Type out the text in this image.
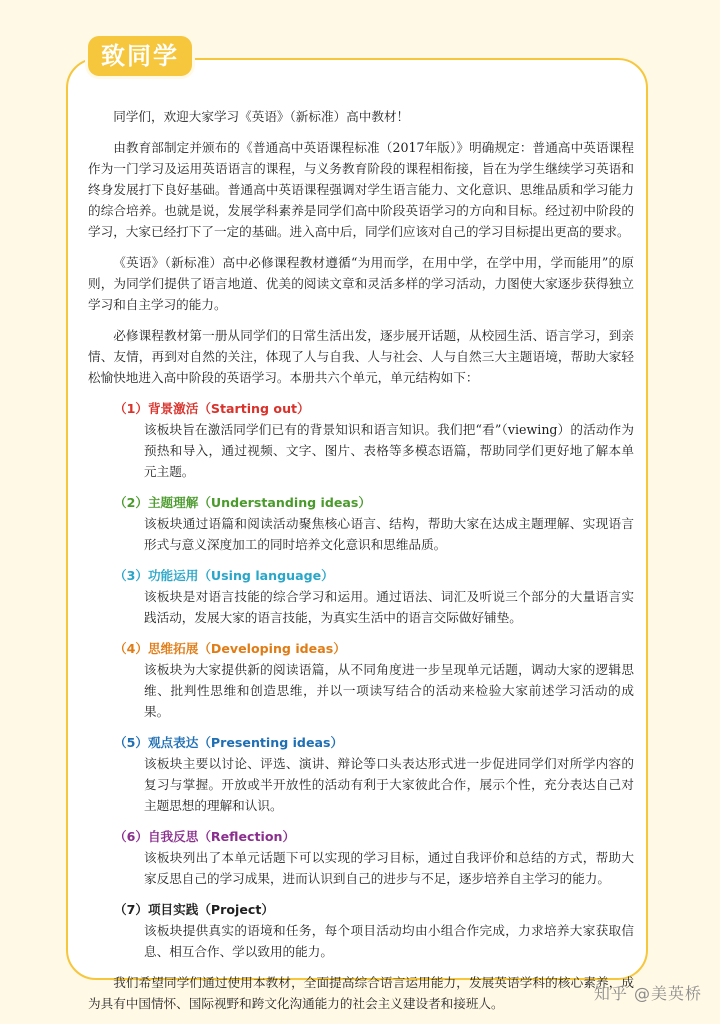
致同学

同学们，欢迎大家学习《英语》（新标准）高中教材！

由教育部制定并颁布的《普通高中英语课程标准（2017年版）》明确规定：普通高中英语课程作为一门学习及运用英语语言的课程，与义务教育阶段的课程相衔接，旨在为学生继续学习英语和终身发展打下良好基础。普通高中英语课程强调对学生语言能力、文化意识、思维品质和学习能力的综合培养。也就是说，发展学科素养是同学们高中阶段英语学习的方向和目标。经过初中阶段的学习，大家已经打下了一定的基础。进入高中后，同学们应该对自己的学习目标提出更高的要求。

《英语》（新标准）高中必修课程教材遵循“为用而学，在用中学，在学中用，学而能用”的原则，为同学们提供了语言地道、优美的阅读文章和灵活多样的学习活动，力图使大家逐步获得独立学习和自主学习的能力。

必修课程教材第一册从同学们的日常生活出发，逐步展开话题，从校园生活、语言学习，到亲情、友情，再到对自然的关注，体现了人与自我、人与社会、人与自然三大主题语境，帮助大家轻松愉快地进入高中阶段的英语学习。本册共六个单元，单元结构如下：

（1）背景激活（Starting out）
该板块旨在激活同学们已有的背景知识和语言知识。我们把“看”（viewing）的活动作为预热和导入，通过视频、文字、图片、表格等多模态语篇，帮助同学们更好地了解本单元主题。
（2）主题理解（Understanding ideas）
该板块通过语篇和阅读活动聚焦核心语言、结构，帮助大家在达成主题理解、实现语言形式与意义深度加工的同时培养文化意识和思维品质。
（3）功能运用（Using language）
该板块是对语言技能的综合学习和运用。通过语法、词汇及听说三个部分的大量语言实践活动，发展大家的语言技能，为真实生活中的语言交际做好铺垫。
（4）思维拓展（Developing ideas）
该板块为大家提供新的阅读语篇，从不同角度进一步呈现单元话题，调动大家的逻辑思维、批判性思维和创造思维，并以一项读写结合的活动来检验大家前述学习活动的成果。
（5）观点表达（Presenting ideas）
该板块主要以讨论、评选、演讲、辩论等口头表达形式进一步促进同学们对所学内容的复习与掌握。开放或半开放性的活动有利于大家彼此合作，展示个性，充分表达自己对主题思想的理解和认识。
（6）自我反思（Reflection）
该板块列出了本单元话题下可以实现的学习目标，通过自我评价和总结的方式，帮助大家反思自己的学习成果，进而认识到自己的进步与不足，逐步培养自主学习的能力。
（7）项目实践（Project）
该板块提供真实的语境和任务，每个项目活动均由小组合作完成，力求培养大家获取信息、相互合作、学以致用的能力。

我们希望同学们通过使用本教材，全面提高综合语言运用能力，发展英语学科的核心素养，成为具有中国情怀、国际视野和跨文化沟通能力的社会主义建设者和接班人。

知乎 @美英桥
